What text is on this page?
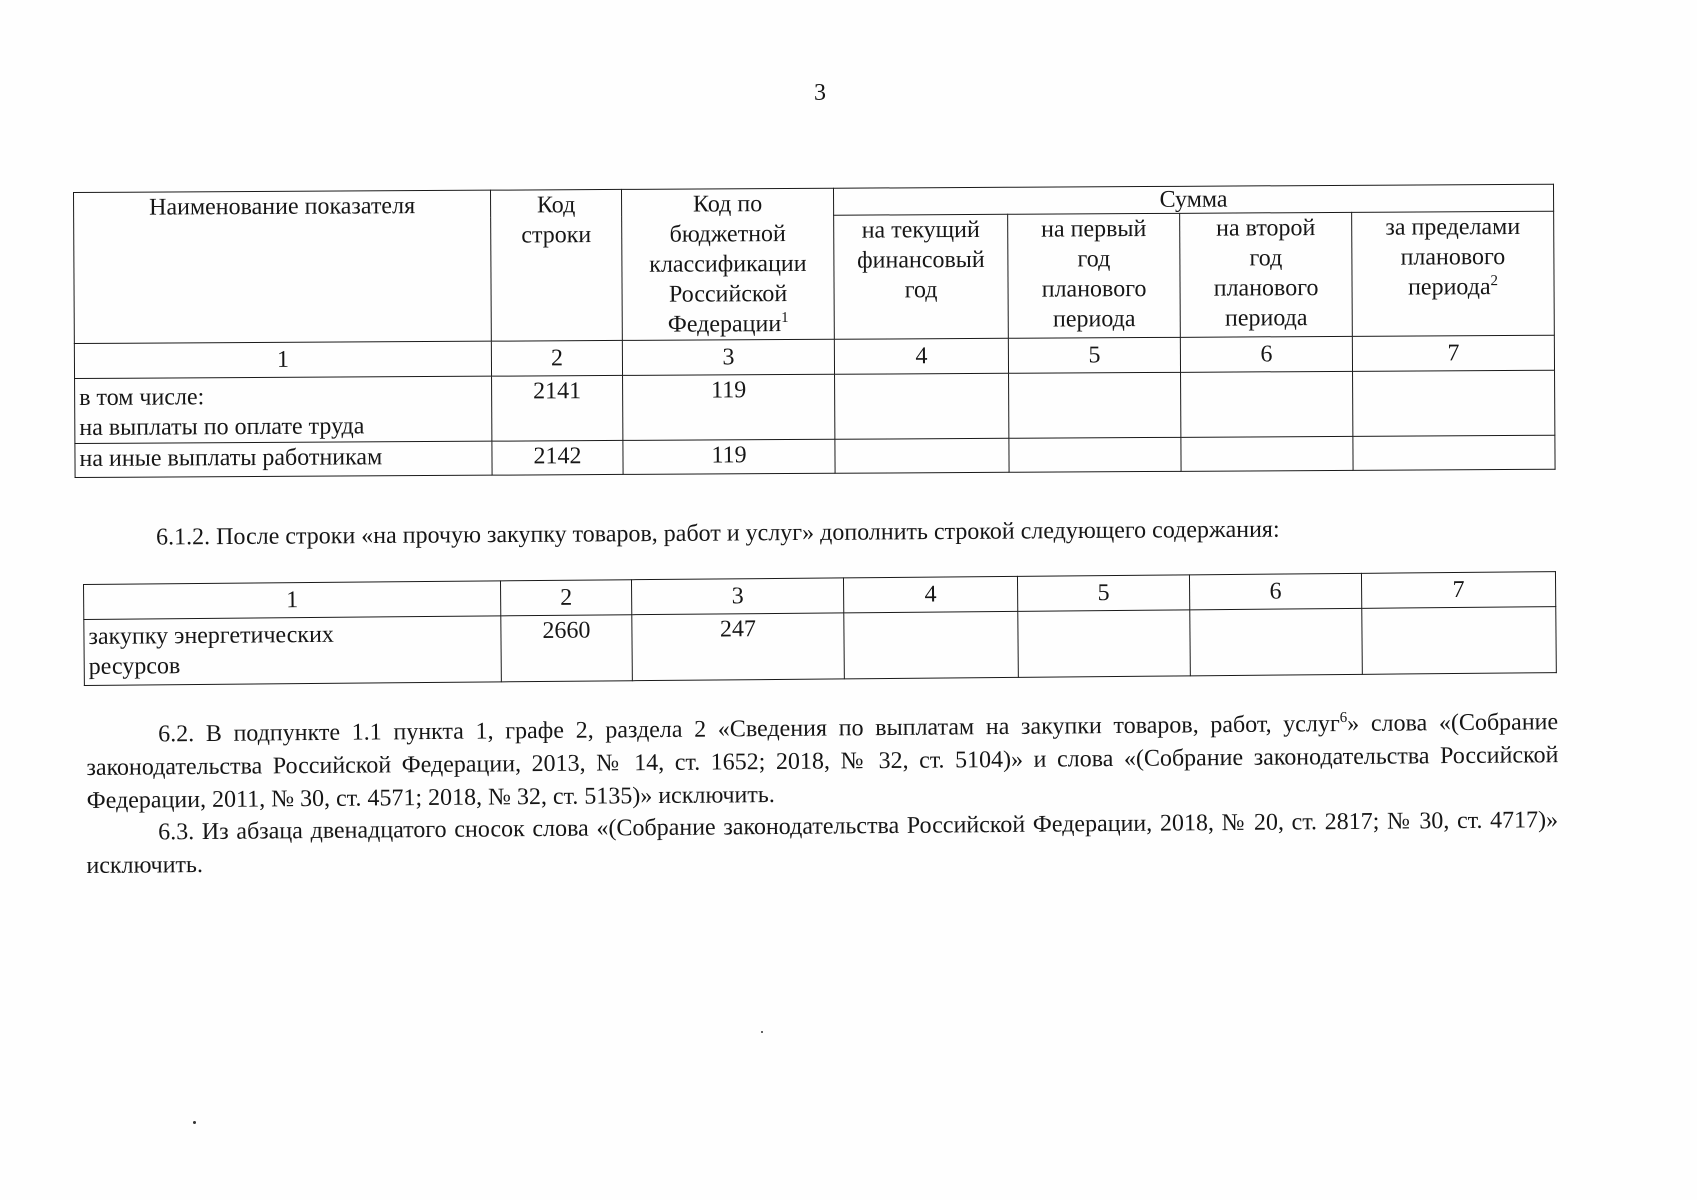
3
Наименование показателя	Код строки	Код по бюджетной классификации Российской Федерации$^1$	Сумма			
			на текущий финансовый год	на первый год планового периода	на второй год планового периода	за пределами планового периода$^2$

1	2	3	4	5	6	7

в том числе:
на выплаты по оплате труда	2141	119				
на иные выплаты работникам	2142	119				

6.1.2. После строки «на прочую закупку товаров, работ и услуг» дополнить строкой следующего содержания:

1	2	3	4	5	6	7

закупку энергетических
ресурсов	2660	247				

6.2. В подпункте 1.1 пункта 1, графе 2, раздела 2 «Сведения по выплатам на закупки товаров, работ, услуг$^6$» слова «(Собрание законодательства Российской Федерации, 2013, № 14, ст. 1652; 2018, № 32, ст. 5104)» и слова «(Собрание законодательства Российской Федерации, 2011, № 30, ст. 4571; 2018, № 32, ст. 5135)» исключить.

6.3. Из абзаца двенадцатого сносок слова «(Собрание законодательства Российской Федерации, 2018, № 20, ст. 2817; № 30, ст. 4717)» исключить.
